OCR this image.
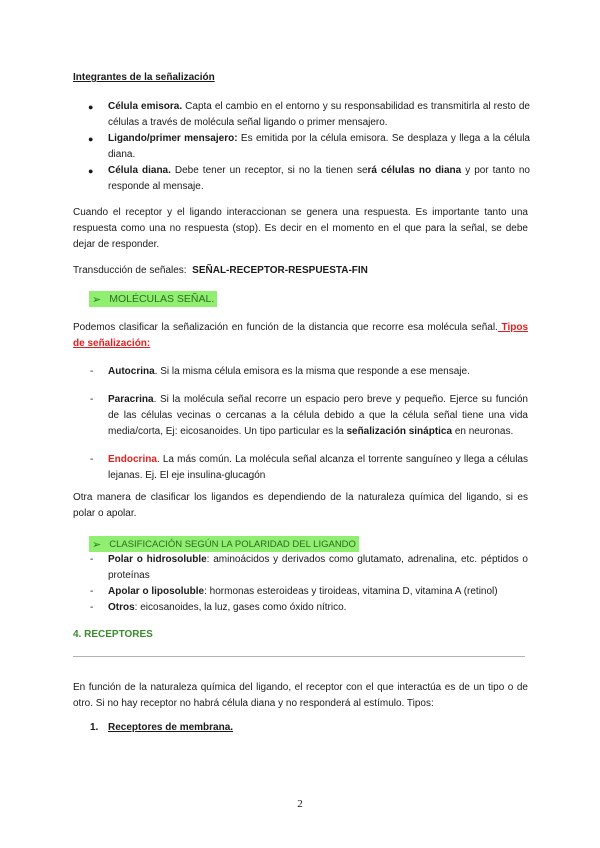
Integrantes de la señalización
● Célula emisora. Capta el cambio en el entorno y su responsabilidad es transmitirla al resto de células a través de molécula señal ligando o primer mensajero.
● Ligando/primer mensajero: Es emitida por la célula emisora. Se desplaza y llega a la célula diana.
● Célula diana. Debe tener un receptor, si no la tienen será células no diana y por tanto no responde al mensaje.
Cuando el receptor y el ligando interaccionan se genera una respuesta. Es importante tanto una respuesta como una no respuesta (stop). Es decir en el momento en el que para la señal, se debe dejar de responder.
Transducción de señales: SEÑAL-RECEPTOR-RESPUESTA-FIN
➢ MOLÉCULAS SEÑAL.
Podemos clasificar la señalización en función de la distancia que recorre esa molécula señal. Tipos de señalización:
- Autocrina. Si la misma célula emisora es la misma que responde a ese mensaje.
- Paracrina. Si la molécula señal recorre un espacio pero breve y pequeño. Ejerce su función de las células vecinas o cercanas a la célula debido a que la célula señal tiene una vida media/corta, Ej: eicosanoides. Un tipo particular es la señalización sináptica en neuronas.
- Endocrina. La más común. La molécula señal alcanza el torrente sanguíneo y llega a células lejanas. Ej. El eje insulina-glucagón
Otra manera de clasificar los ligandos es dependiendo de la naturaleza química del ligando, si es polar o apolar.
➢ CLASIFICACIÓN SEGÚN LA POLARIDAD DEL LIGANDO
- Polar o hidrosoluble: aminoácidos y derivados como glutamato, adrenalina, etc. péptidos o proteínas
- Apolar o liposoluble: hormonas esteroideas y tiroideas, vitamina D, vitamina A (retinol)
- Otros: eicosanoides, la luz, gases como óxido nítrico.
4. RECEPTORES
En función de la naturaleza química del ligando, el receptor con el que interactúa es de un tipo o de otro. Si no hay receptor no habrá célula diana y no responderá al estímulo. Tipos:
1. Receptores de membrana.
2
